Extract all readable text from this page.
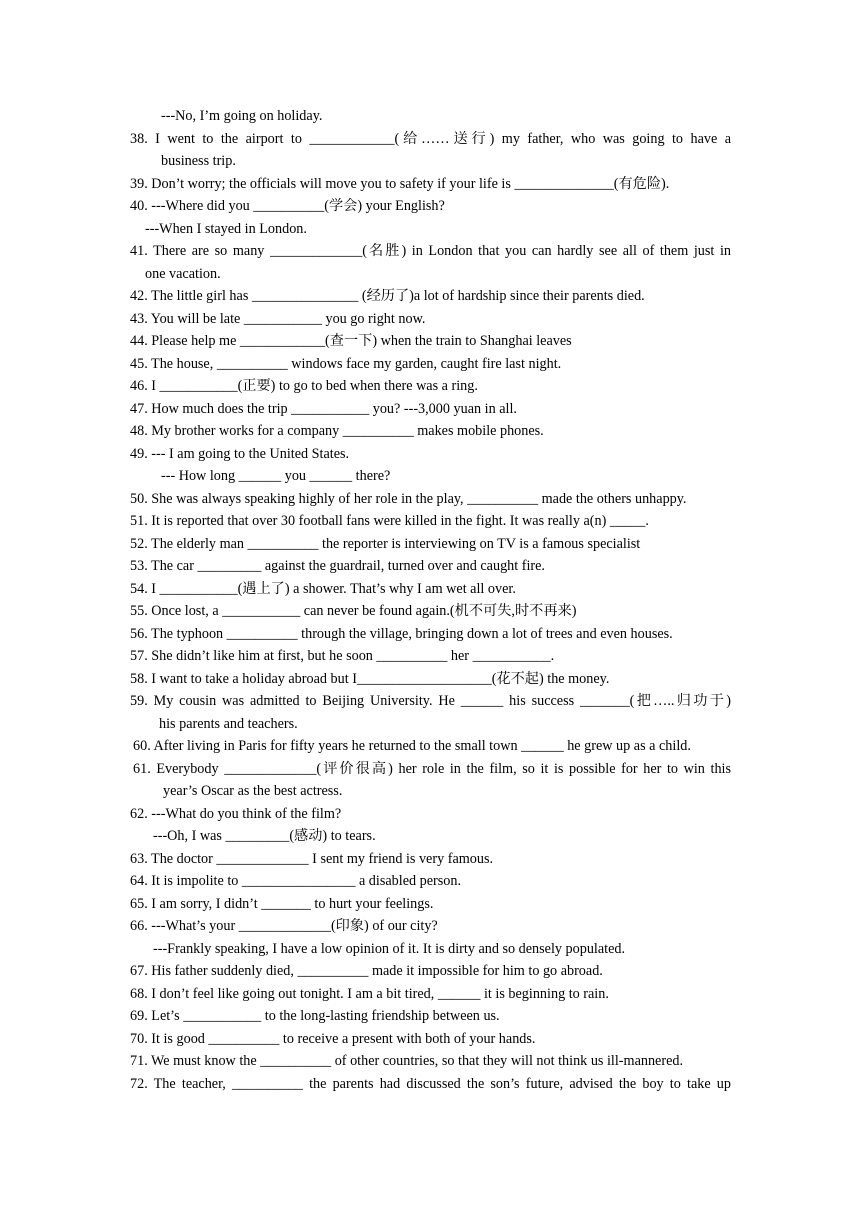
---No, I’m going on holiday.
38. I went to the airport to ____________(给……送行) my father, who was going to have a
business trip.
39. Don’t worry; the officials will move you to safety if your life is ______________(有危险).
40. ---Where did you __________(学会) your English?
---When I stayed in London.
41. There are so many _____________(名胜) in London that you can hardly see all of them just in
one vacation.
42. The little girl has _______________ (经历了)a lot of hardship since their parents died.
43. You will be late ___________ you go right now.
44. Please help me ____________(查一下) when the train to Shanghai leaves
45. The house, __________ windows face my garden, caught fire last night.
46. I ___________(正要) to go to bed when there was a ring.
47. How much does the trip ___________ you? ---3,000 yuan in all.
48. My brother works for a company __________ makes mobile phones.
49. --- I am going to the United States.
--- How long ______ you ______ there?
50. She was always speaking highly of her role in the play, __________ made the others unhappy.
51. It is reported that over 30 football fans were killed in the fight. It was really a(n) _____.
52. The elderly man __________ the reporter is interviewing on TV is a famous specialist
53. The car _________ against the guardrail, turned over and caught fire.
54. I ___________(遇上了) a shower. That’s why I am wet all over.
55. Once lost, a ___________ can never be found again.(机不可失,时不再来)
56. The typhoon __________ through the village, bringing down a lot of trees and even houses.
57. She didn’t like him at first, but he soon __________ her ___________.
58. I want to take a holiday abroad but I___________________(花不起) the money.
59. My cousin was admitted to Beijing University. He ______ his success _______(把…..归功于)
his parents and teachers.
60. After living in Paris for fifty years he returned to the small town ______ he grew up as a child.
61. Everybody _____________(评价很高) her role in the film, so it is possible for her to win this
year’s Oscar as the best actress.
62. ---What do you think of the film?
---Oh, I was _________(感动) to tears.
63. The doctor _____________ I sent my friend is very famous.
64. It is impolite to ________________ a disabled person.
65. I am sorry, I didn’t _______ to hurt your feelings.
66. ---What’s your _____________(印象) of our city?
---Frankly speaking, I have a low opinion of it. It is dirty and so densely populated.
67. His father suddenly died, __________ made it impossible for him to go abroad.
68. I don’t feel like going out tonight. I am a bit tired, ______ it is beginning to rain.
69. Let’s ___________ to the long-lasting friendship between us.
70. It is good __________ to receive a present with both of your hands.
71. We must know the __________ of other countries, so that they will not think us ill-mannered.
72. The teacher, __________ the parents had discussed the son’s future, advised the boy to take up
